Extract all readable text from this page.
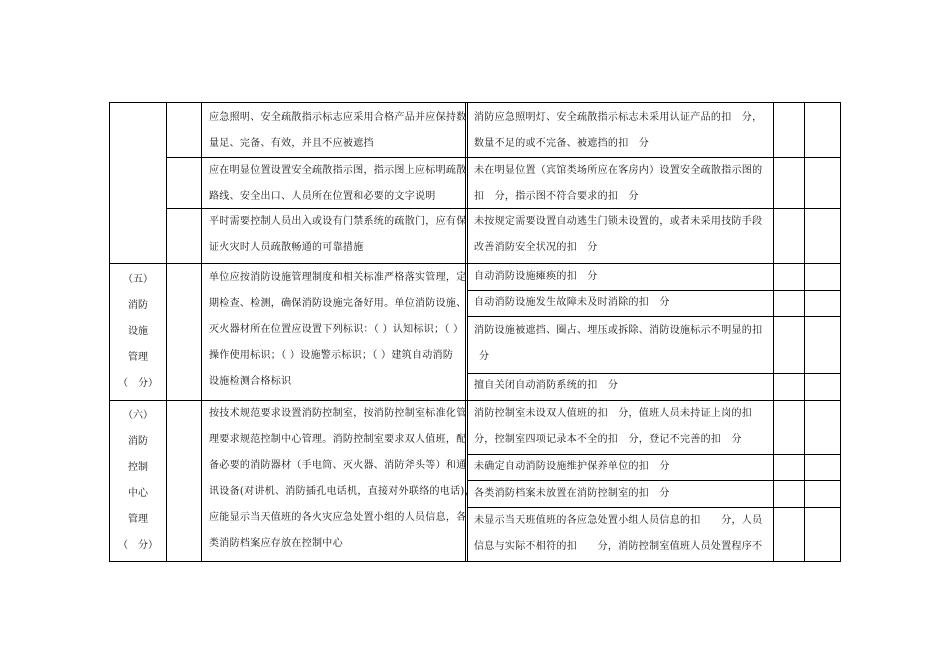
应急照明、安全疏散指示标志应采用合格产品并应保持数
量足、完备、有效，并且不应被遮挡
消防应急照明灯、安全疏散指示标志未采用认证产品的扣　分，
数量不足的或不完备、被遮挡的扣　分
应在明显位置设置安全疏散指示图，指示图上应标明疏散
路线、安全出口、人员所在位置和必要的文字说明
未在明显位置（宾馆类场所应在客房内）设置安全疏散指示图的
扣　分，指示图不符合要求的扣　分
平时需要控制人员出入或设有门禁系统的疏散门，应有保
证火灾时人员疏散畅通的可靠措施
未按规定需要设置自动逃生门锁未设置的，或者未采用技防手段
改善消防安全状况的扣　分
（五）
消防
设施
管理
（　分）
单位应按消防设施管理制度和相关标准严格落实管理，定
期检查、检测，确保消防设施完备好用。单位消防设施、
灭火器材所在位置应设置下列标识：（ ）认知标识；（ ）
操作使用标识；（ ）设施警示标识；（ ）建筑自动消防
设施检测合格标识
自动消防设施瘫痪的扣　分
自动消防设施发生故障未及时消除的扣　分
消防设施被遮挡、圈占、埋压或拆除、消防设施标示不明显的扣
分
擅自关闭自动消防系统的扣　分
（六）
消防
控制
中心
管理
（　分）
按技术规范要求设置消防控制室，按消防控制室标准化管
理要求规范控制中心管理。消防控制室要求双人值班，配
备必要的消防器材（手电筒、灭火器、消防斧头等）和通
讯设备(对讲机、消防插孔电话机，直接对外联络的电话)，
应能显示当天值班的各火灾应急处置小组的人员信息，各
类消防档案应存放在控制中心
消防控制室未设双人值班的扣　分，值班人员未持证上岗的扣
分，控制室四项记录本不全的扣　分，登记不完善的扣　分
未确定自动消防设施维护保养单位的扣　分
各类消防档案未放置在消防控制室的扣　分
未显示当天班值班的各应急处置小组人员信息的扣　　分，人员
信息与实际不相符的扣　　分，消防控制室值班人员处置程序不
